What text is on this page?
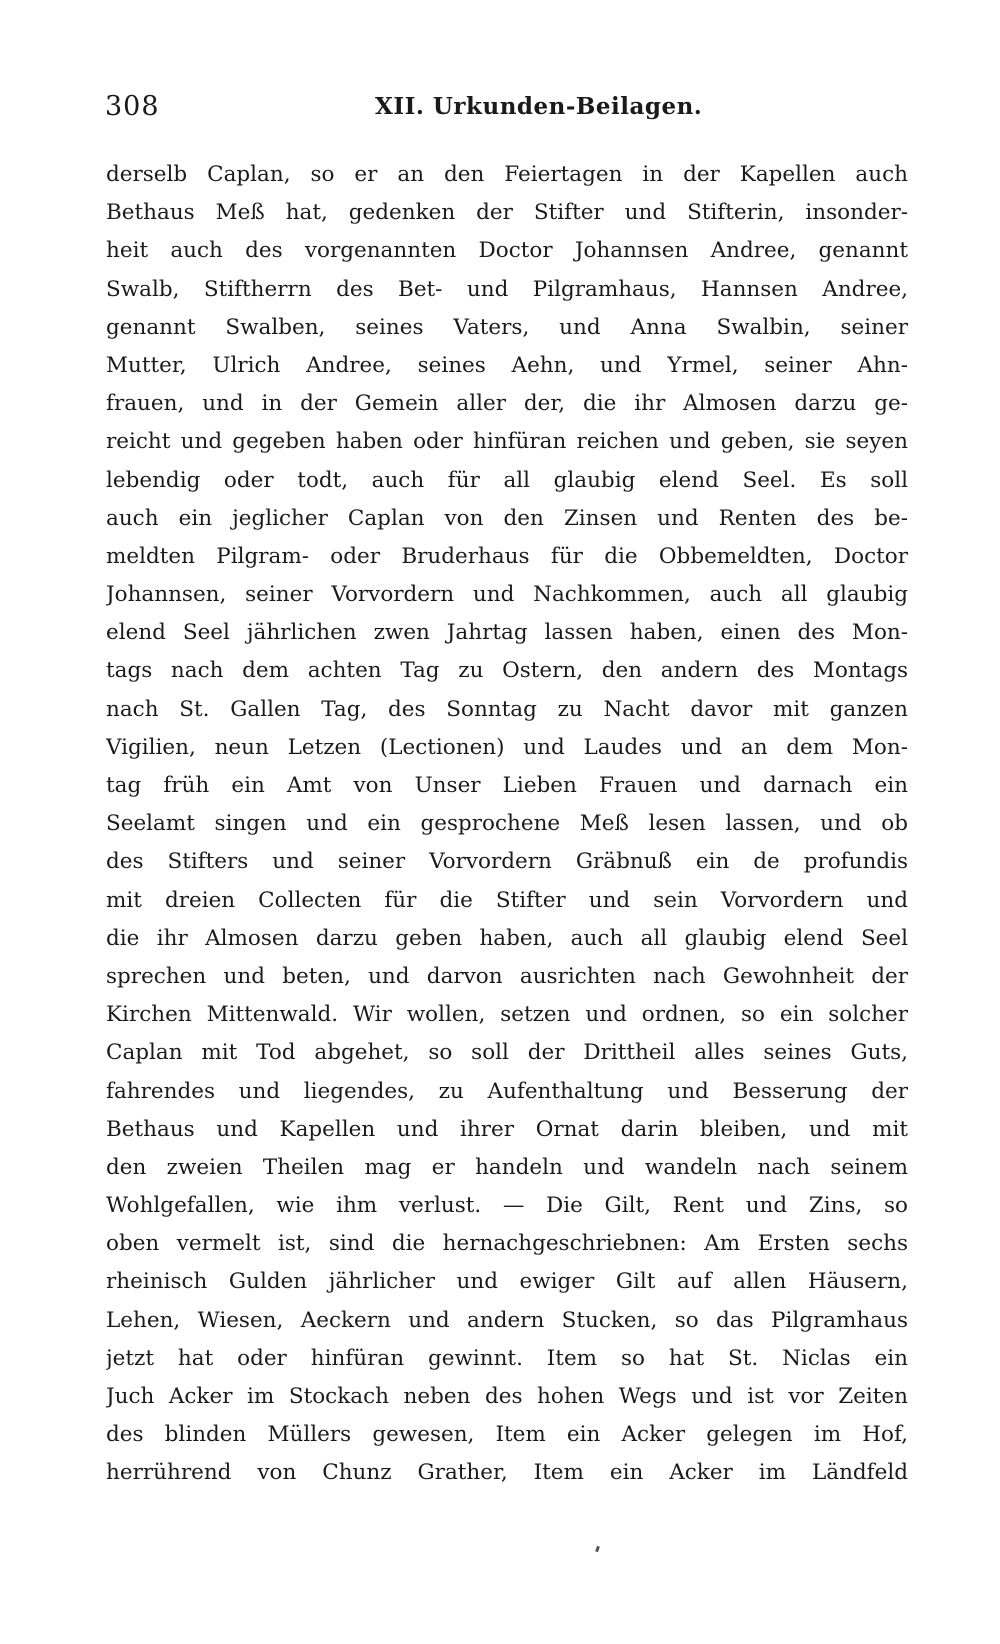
308	XII. Urkunden-Beilagen.
derselb Caplan, so er an den Feiertagen in der Kapellen auch
Bethaus Meß hat, gedenken der Stifter und Stifterin, insonder-
heit auch des vorgenannten Doctor Johannsen Andree, genannt
Swalb, Stiftherrn des Bet- und Pilgramhaus, Hannsen Andree,
genannt Swalben, seines Vaters, und Anna Swalbin, seiner
Mutter, Ulrich Andree, seines Aehn, und Yrmel, seiner Ahn-
frauen, und in der Gemein aller der, die ihr Almosen darzu ge-
reicht und gegeben haben oder hinfüran reichen und geben, sie seyen
lebendig oder todt, auch für all glaubig elend Seel. Es soll
auch ein jeglicher Caplan von den Zinsen und Renten des be-
meldten Pilgram- oder Bruderhaus für die Obbemeldten, Doctor
Johannsen, seiner Vorvordern und Nachkommen, auch all glaubig
elend Seel jährlichen zwen Jahrtag lassen haben, einen des Mon-
tags nach dem achten Tag zu Ostern, den andern des Montags
nach St. Gallen Tag, des Sonntag zu Nacht davor mit ganzen
Vigilien, neun Letzen (Lectionen) und Laudes und an dem Mon-
tag früh ein Amt von Unser Lieben Frauen und darnach ein
Seelamt singen und ein gesprochene Meß lesen lassen, und ob
des Stifters und seiner Vorvordern Gräbnuß ein de profundis
mit dreien Collecten für die Stifter und sein Vorvordern und
die ihr Almosen darzu geben haben, auch all glaubig elend Seel
sprechen und beten, und darvon ausrichten nach Gewohnheit der
Kirchen Mittenwald. Wir wollen, setzen und ordnen, so ein solcher
Caplan mit Tod abgehet, so soll der Drittheil alles seines Guts,
fahrendes und liegendes, zu Aufenthaltung und Besserung der
Bethaus und Kapellen und ihrer Ornat darin bleiben, und mit
den zweien Theilen mag er handeln und wandeln nach seinem
Wohlgefallen, wie ihm verlust. — Die Gilt, Rent und Zins, so
oben vermelt ist, sind die hernachgeschriebnen: Am Ersten sechs
rheinisch Gulden jährlicher und ewiger Gilt auf allen Häusern,
Lehen, Wiesen, Aeckern und andern Stucken, so das Pilgramhaus
jetzt hat oder hinfüran gewinnt. Item so hat St. Niclas ein
Juch Acker im Stockach neben des hohen Wegs und ist vor Zeiten
des blinden Müllers gewesen, Item ein Acker gelegen im Hof,
herrührend von Chunz Grather, Item ein Acker im Ländfeld
